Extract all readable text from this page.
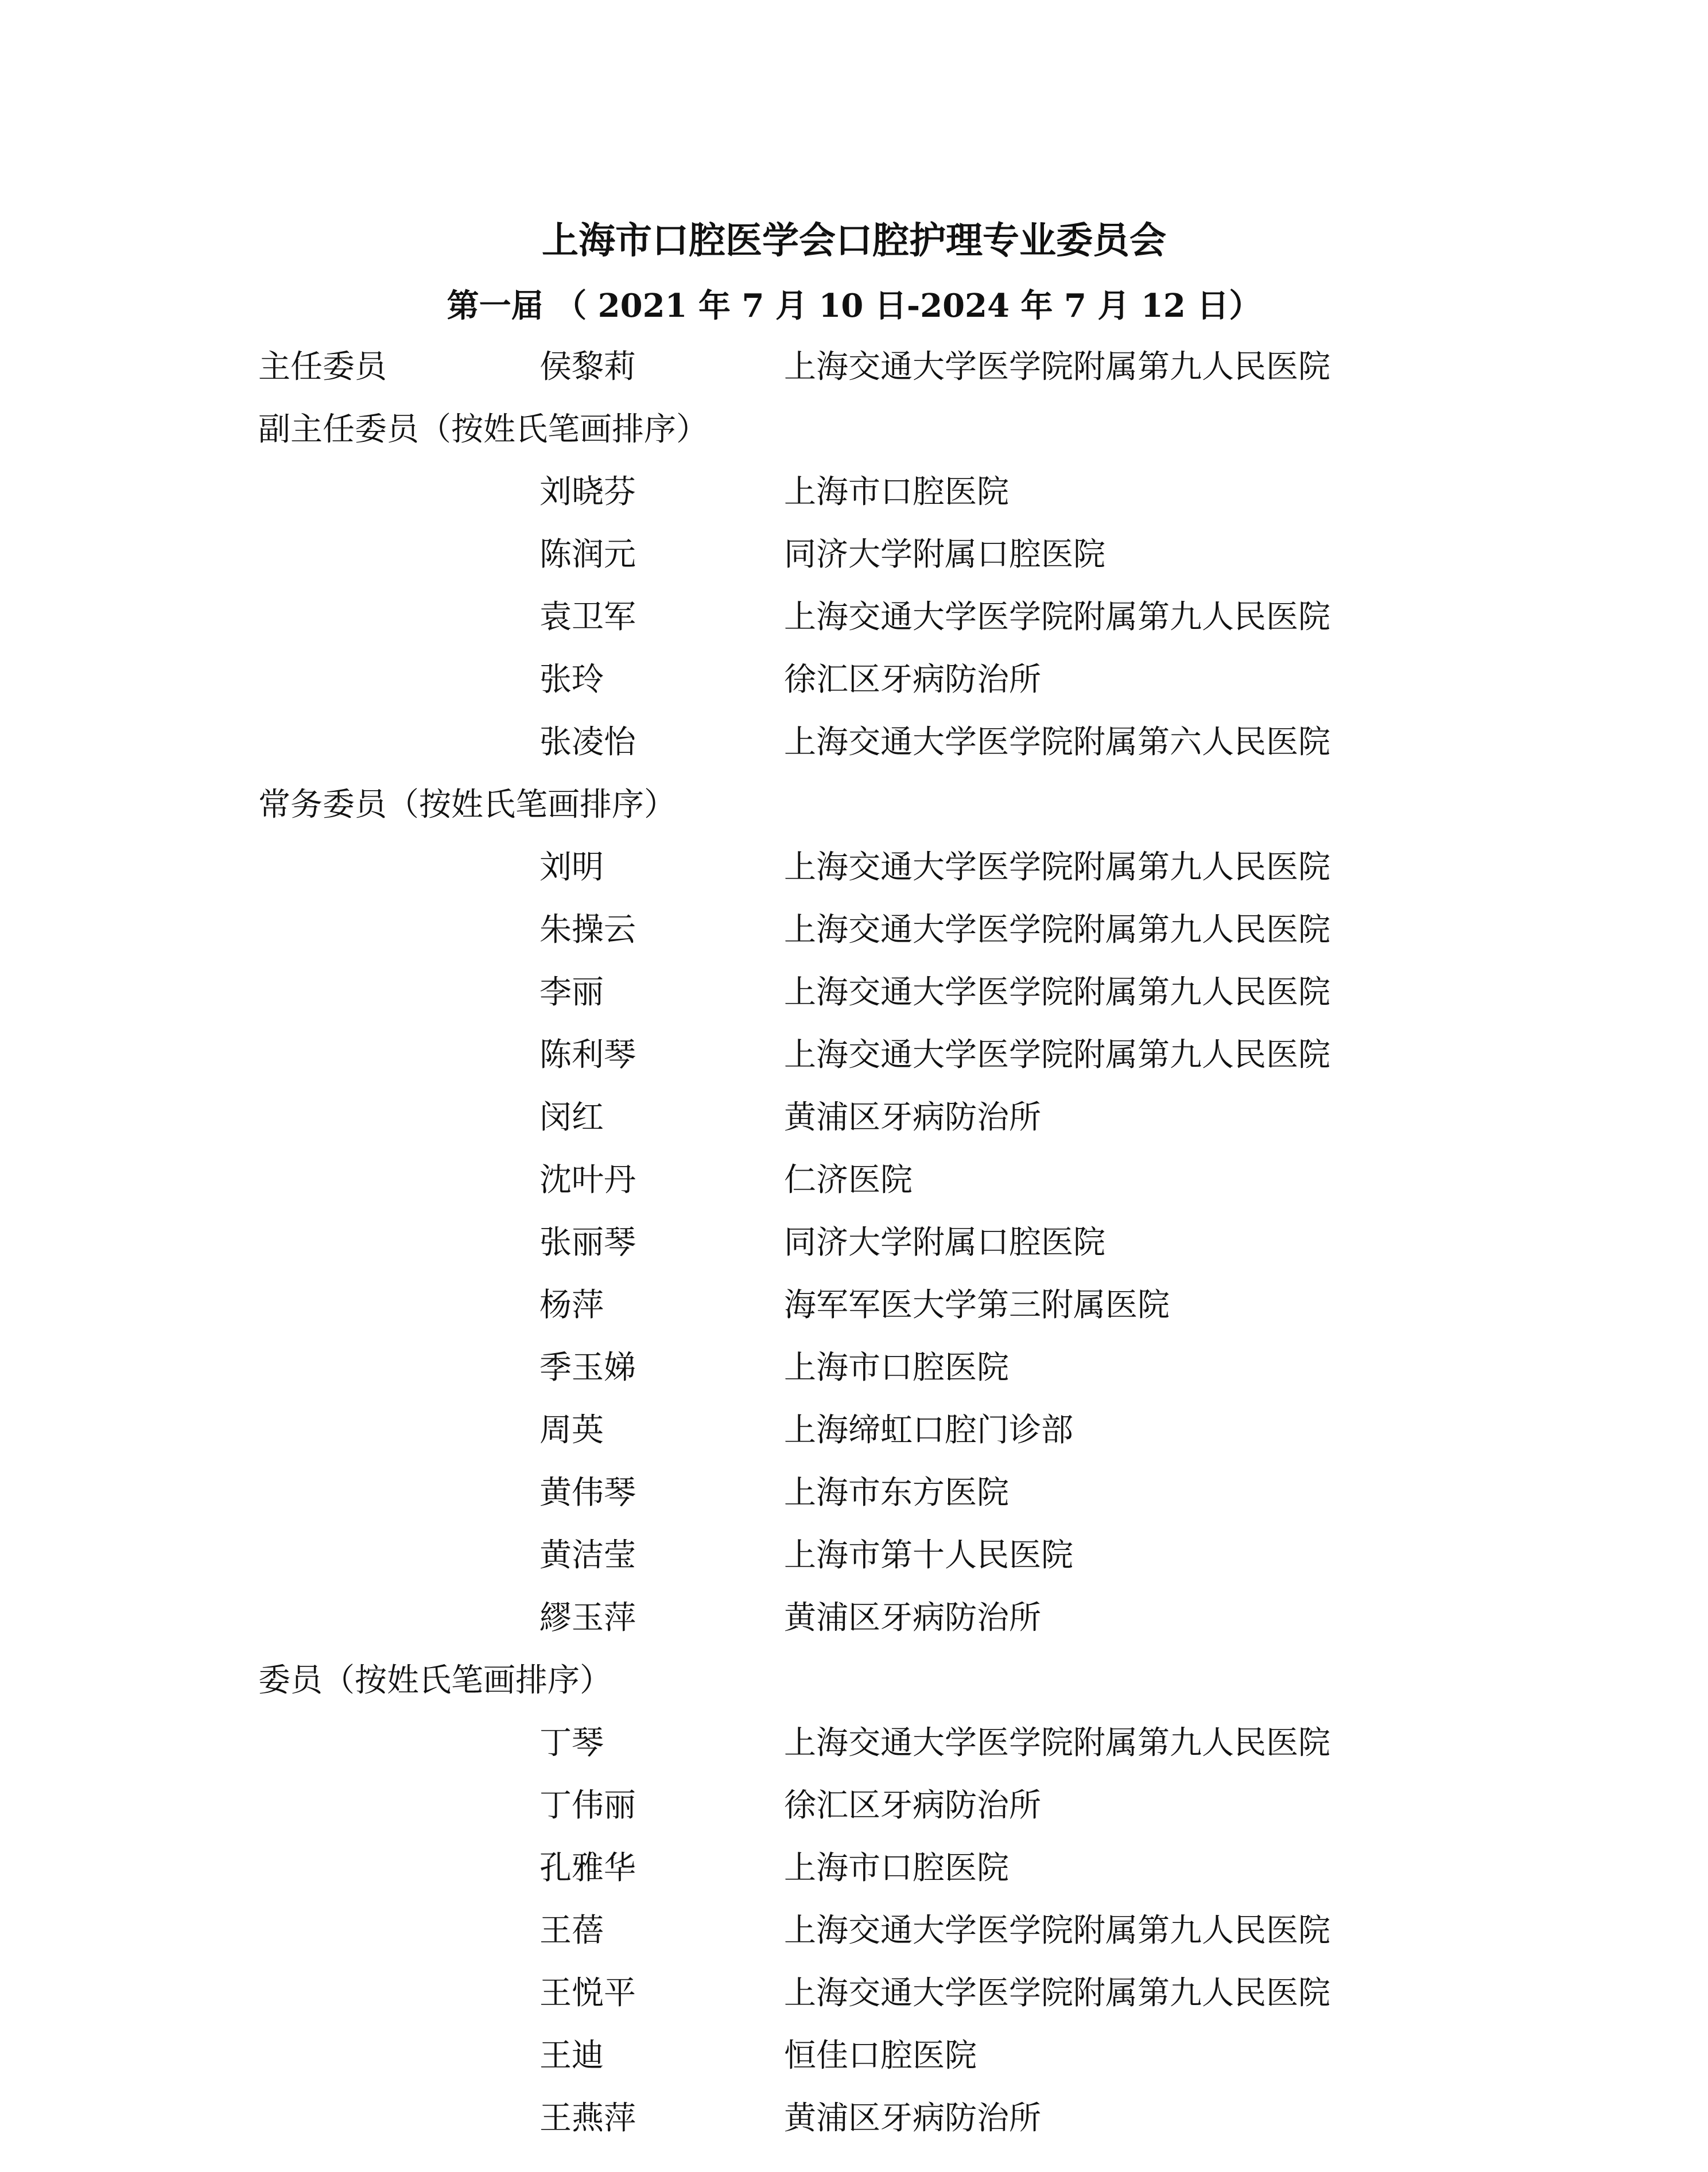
上海市口腔医学会口腔护理专业委员会
第一届 （ 2021 年 7 月 10 日-2024 年 7 月 12 日）
主任委员	侯黎莉	上海交通大学医学院附属第九人民医院
副主任委员（按姓氏笔画排序）
刘晓芬	上海市口腔医院
陈润元	同济大学附属口腔医院
袁卫军	上海交通大学医学院附属第九人民医院
张玲	徐汇区牙病防治所
张凌怡	上海交通大学医学院附属第六人民医院
常务委员（按姓氏笔画排序）
刘明	上海交通大学医学院附属第九人民医院
朱操云	上海交通大学医学院附属第九人民医院
李丽	上海交通大学医学院附属第九人民医院
陈利琴	上海交通大学医学院附属第九人民医院
闵红	黄浦区牙病防治所
沈叶丹	仁济医院
张丽琴	同济大学附属口腔医院
杨萍	海军军医大学第三附属医院
季玉娣	上海市口腔医院
周英	上海缔虹口腔门诊部
黄伟琴	上海市东方医院
黄洁莹	上海市第十人民医院
繆玉萍	黄浦区牙病防治所
委员（按姓氏笔画排序）
丁琴	上海交通大学医学院附属第九人民医院
丁伟丽	徐汇区牙病防治所
孔雅华	上海市口腔医院
王蓓	上海交通大学医学院附属第九人民医院
王悦平	上海交通大学医学院附属第九人民医院
王迪	恒佳口腔医院
王燕萍	黄浦区牙病防治所
